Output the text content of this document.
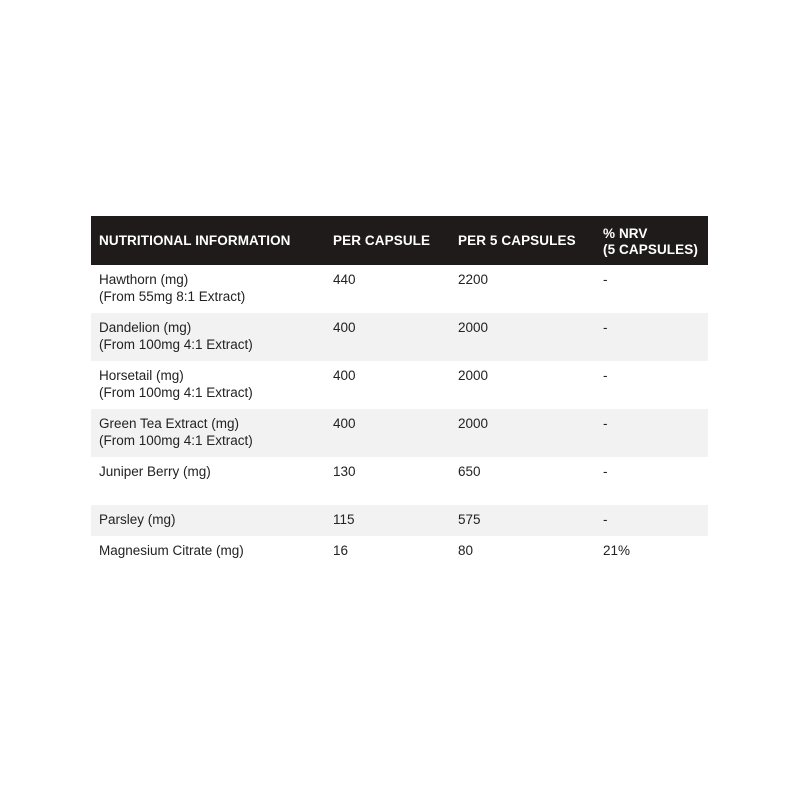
NUTRITIONAL INFORMATION	PER CAPSULE	PER 5 CAPSULES	% NRV
(5 CAPSULES)

Hawthorn (mg)
(From 55mg 8:1 Extract)	440	2200	-

Dandelion (mg)
(From 100mg 4:1 Extract)	400	2000	-

Horsetail (mg)
(From 100mg 4:1 Extract)	400	2000	-

Green Tea Extract (mg)
(From 100mg 4:1 Extract)	400	2000	-

Juniper Berry (mg)	130	650	-

Parsley (mg)	115	575	-

Magnesium Citrate (mg)	16	80	21%
